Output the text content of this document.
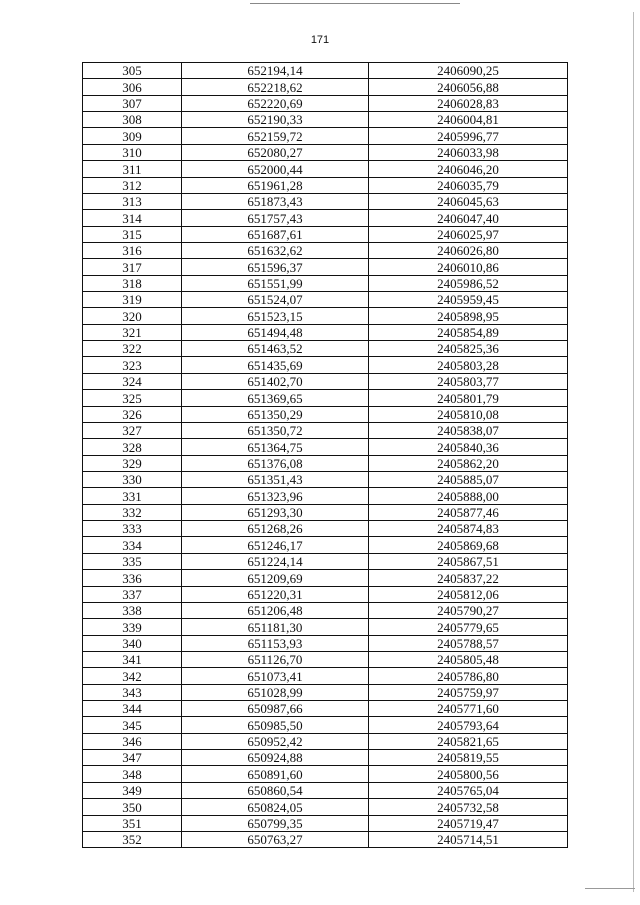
171
305	652194,14	2406090,25
306	652218,62	2406056,88
307	652220,69	2406028,83
308	652190,33	2406004,81
309	652159,72	2405996,77
310	652080,27	2406033,98
311	652000,44	2406046,20
312	651961,28	2406035,79
313	651873,43	2406045,63
314	651757,43	2406047,40
315	651687,61	2406025,97
316	651632,62	2406026,80
317	651596,37	2406010,86
318	651551,99	2405986,52
319	651524,07	2405959,45
320	651523,15	2405898,95
321	651494,48	2405854,89
322	651463,52	2405825,36
323	651435,69	2405803,28
324	651402,70	2405803,77
325	651369,65	2405801,79
326	651350,29	2405810,08
327	651350,72	2405838,07
328	651364,75	2405840,36
329	651376,08	2405862,20
330	651351,43	2405885,07
331	651323,96	2405888,00
332	651293,30	2405877,46
333	651268,26	2405874,83
334	651246,17	2405869,68
335	651224,14	2405867,51
336	651209,69	2405837,22
337	651220,31	2405812,06
338	651206,48	2405790,27
339	651181,30	2405779,65
340	651153,93	2405788,57
341	651126,70	2405805,48
342	651073,41	2405786,80
343	651028,99	2405759,97
344	650987,66	2405771,60
345	650985,50	2405793,64
346	650952,42	2405821,65
347	650924,88	2405819,55
348	650891,60	2405800,56
349	650860,54	2405765,04
350	650824,05	2405732,58
351	650799,35	2405719,47
352	650763,27	2405714,51
